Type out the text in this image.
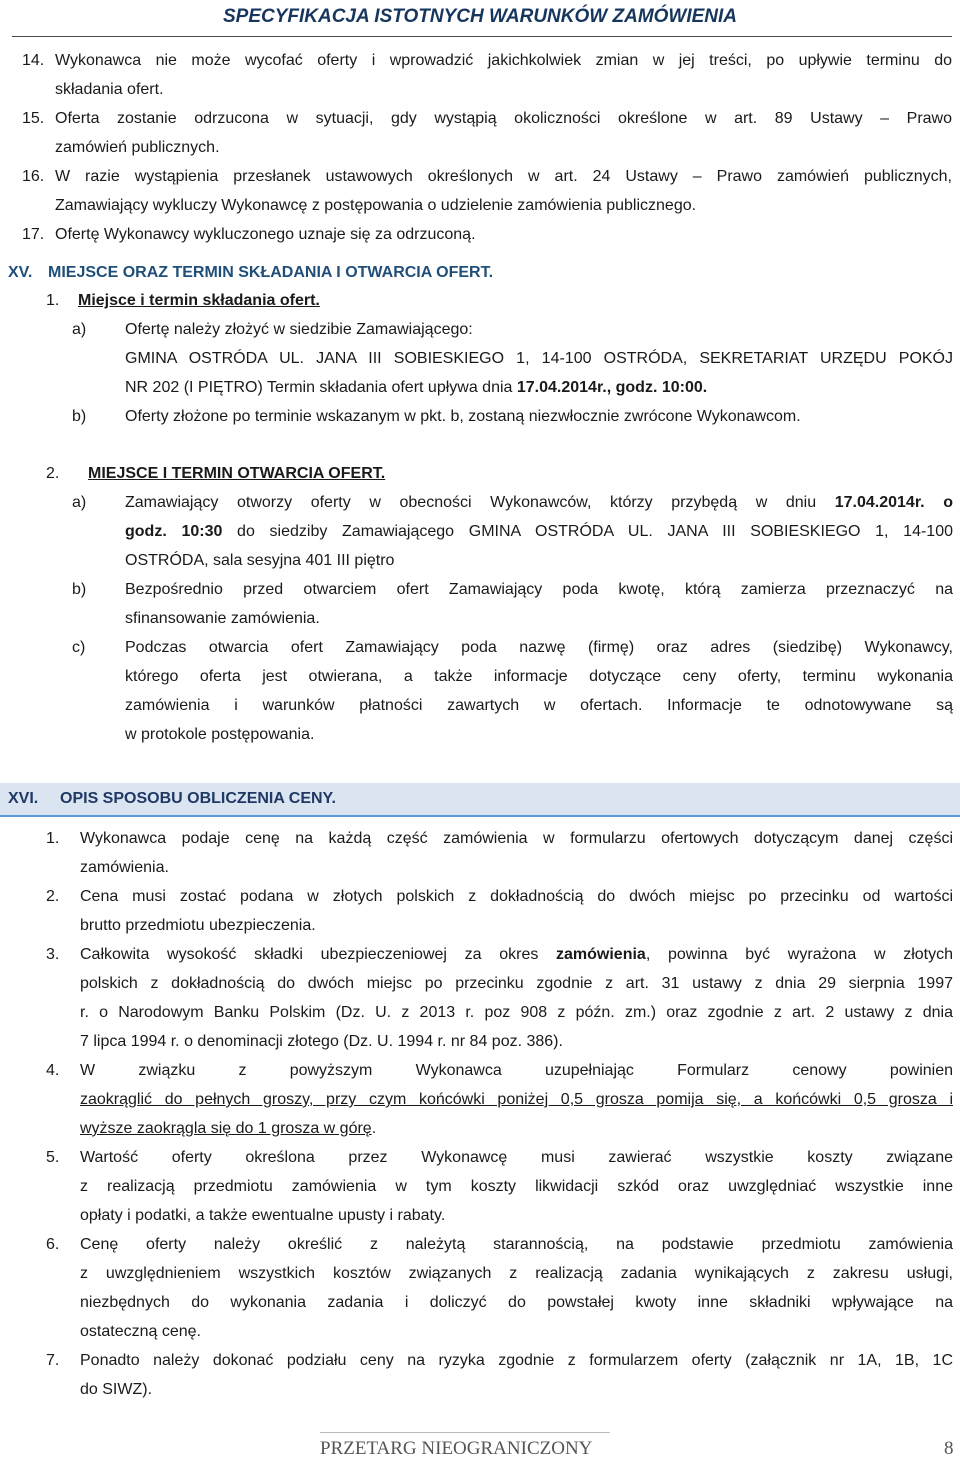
SPECYFIKACJA ISTOTNYCH WARUNKÓW ZAMÓWIENIA
14. Wykonawca nie może wycofać oferty i wprowadzić jakichkolwiek zmian w jej treści, po upływie terminu do
składania ofert.
15. Oferta zostanie odrzucona w sytuacji, gdy wystąpią okoliczności określone w art. 89 Ustawy – Prawo
zamówień publicznych.
16. W razie wystąpienia przesłanek ustawowych określonych w art. 24 Ustawy – Prawo zamówień publicznych,
Zamawiający wykluczy Wykonawcę z postępowania o udzielenie zamówienia publicznego.
17. Ofertę Wykonawcy wykluczonego uznaje się za odrzuconą.
XV. MIEJSCE ORAZ TERMIN SKŁADANIA I OTWARCIA OFERT.
1. Miejsce i termin składania ofert.
a) Ofertę należy złożyć w siedzibie Zamawiającego:
GMINA OSTRÓDA UL. JANA III SOBIESKIEGO 1, 14-100 OSTRÓDA, SEKRETARIAT URZĘDU POKÓJ
NR 202 (I PIĘTRO) Termin składania ofert upływa dnia 17.04.2014r., godz. 10:00.
b) Oferty złożone po terminie wskazanym w pkt. b, zostaną niezwłocznie zwrócone Wykonawcom.
2. MIEJSCE I TERMIN OTWARCIA OFERT.
a) Zamawiający otworzy oferty w obecności Wykonawców, którzy przybędą w dniu 17.04.2014r. o
godz. 10:30 do siedziby Zamawiającego GMINA OSTRÓDA UL. JANA III SOBIESKIEGO 1, 14-100
OSTRÓDA, sala sesyjna 401 III piętro
b) Bezpośrednio przed otwarciem ofert Zamawiający poda kwotę, którą zamierza przeznaczyć na
sfinansowanie zamówienia.
c) Podczas otwarcia ofert Zamawiający poda nazwę (firmę) oraz adres (siedzibę) Wykonawcy,
którego oferta jest otwierana, a także informacje dotyczące ceny oferty, terminu wykonania
zamówienia i warunków płatności zawartych w ofertach. Informacje te odnotowywane są
w protokole postępowania.
XVI. OPIS SPOSOBU OBLICZENIA CENY.
1. Wykonawca podaje cenę na każdą część zamówienia w formularzu ofertowych dotyczącym danej części
zamówienia.
2. Cena musi zostać podana w złotych polskich z dokładnością do dwóch miejsc po przecinku od wartości
brutto przedmiotu ubezpieczenia.
3. Całkowita wysokość składki ubezpieczeniowej za okres zamówienia, powinna być wyrażona w złotych
polskich z dokładnością do dwóch miejsc po przecinku zgodnie z art. 31 ustawy z dnia 29 sierpnia 1997
r. o Narodowym Banku Polskim (Dz. U. z 2013 r. poz 908 z późn. zm.) oraz zgodnie z art. 2 ustawy z dnia
7 lipca 1994 r. o denominacji złotego (Dz. U. 1994 r. nr 84 poz. 386).
4. W związku z powyższym Wykonawca uzupełniając Formularz cenowy powinien
zaokrąglić do pełnych groszy, przy czym końcówki poniżej 0,5 grosza pomija się, a końcówki 0,5 grosza i
wyższe zaokrągla się do 1 grosza w górę.
5. Wartość oferty określona przez Wykonawcę musi zawierać wszystkie koszty związane
z realizacją przedmiotu zamówienia w tym koszty likwidacji szkód oraz uwzględniać wszystkie inne
opłaty i podatki, a także ewentualne upusty i rabaty.
6. Cenę oferty należy określić z należytą starannością, na podstawie przedmiotu zamówienia
z uwzględnieniem wszystkich kosztów związanych z realizacją zadania wynikających z zakresu usługi,
niezbędnych do wykonania zadania i doliczyć do powstałej kwoty inne składniki wpływające na
ostateczną cenę.
7. Ponadto należy dokonać podziału ceny na ryzyka zgodnie z formularzem oferty (załącznik nr 1A, 1B, 1C
do SIWZ).
PRZETARG NIEOGRANICZONY	8
